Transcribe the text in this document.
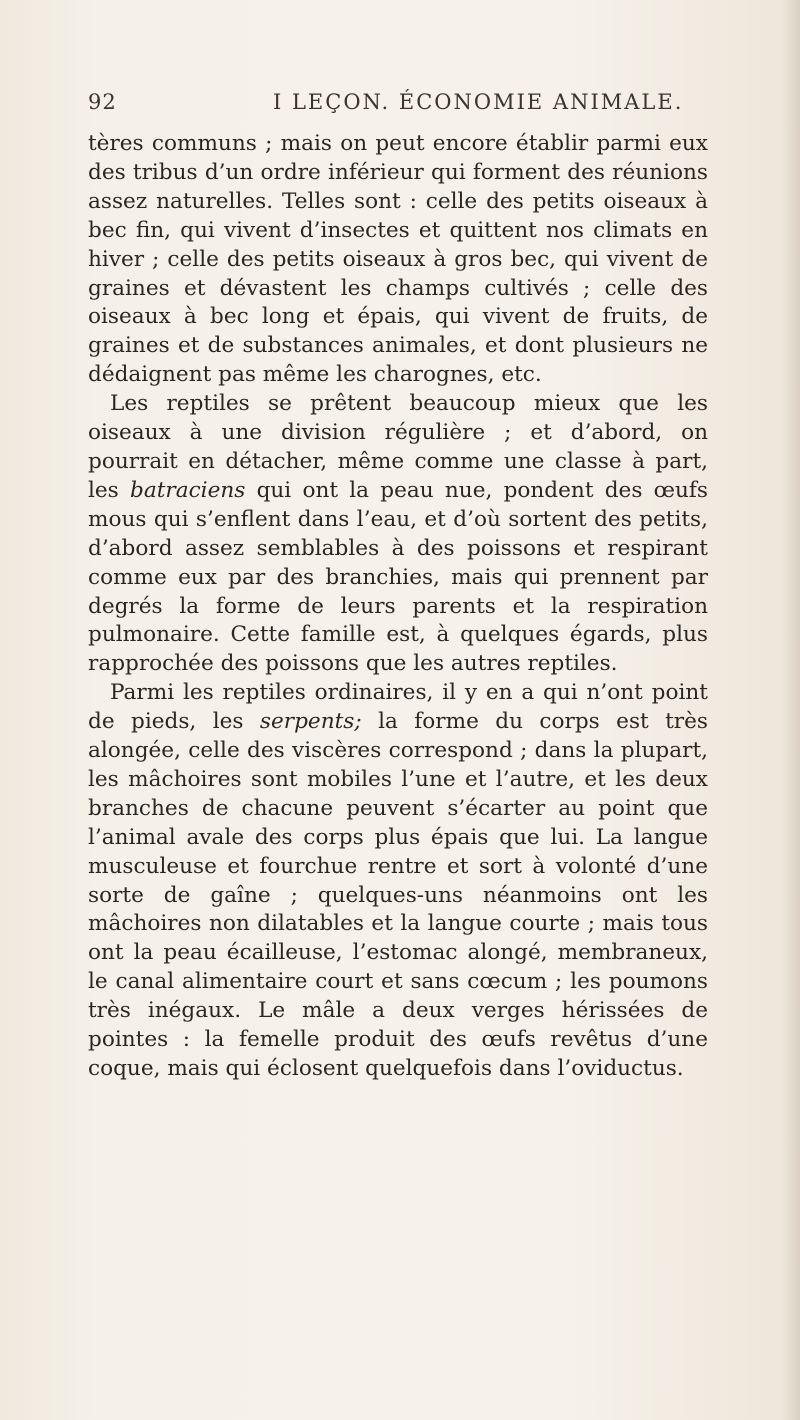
92	I LEÇON. ÉCONOMIE ANIMALE.

tères communs ; mais on peut encore établir parmi eux des tribus d’un ordre inférieur qui forment des réunions assez naturelles. Telles sont : celle des petits oiseaux à bec fin, qui vivent d’insectes et quittent nos climats en hiver ; celle des petits oiseaux à gros bec, qui vivent de graines et dévastent les champs cultivés ; celle des oiseaux à bec long et épais, qui vivent de fruits, de graines et de substances animales, et dont plusieurs ne dédaignent pas même les charognes, etc.

Les reptiles se prêtent beaucoup mieux que les oiseaux à une division régulière ; et d’abord, on pourrait en détacher, même comme une classe à part, les batraciens qui ont la peau nue, pondent des œufs mous qui s’enflent dans l’eau, et d’où sortent des petits, d’abord assez semblables à des poissons et respirant comme eux par des branchies, mais qui prennent par degrés la forme de leurs parents et la respiration pulmonaire. Cette famille est, à quelques égards, plus rapprochée des poissons que les autres reptiles.

Parmi les reptiles ordinaires, il y en a qui n’ont point de pieds, les serpents; la forme du corps est très alongée, celle des viscères correspond ; dans la plupart, les mâchoires sont mobiles l’une et l’autre, et les deux branches de chacune peuvent s’écarter au point que l’animal avale des corps plus épais que lui. La langue musculeuse et fourchue rentre et sort à volonté d’une sorte de gaîne ; quelques-uns néanmoins ont les mâchoires non dilatables et la langue courte ; mais tous ont la peau écailleuse, l’estomac alongé, membraneux, le canal alimentaire court et sans cœcum ; les poumons très inégaux. Le mâle a deux verges hérissées de pointes : la femelle produit des œufs revêtus d’une coque, mais qui éclosent quelquefois dans l’oviductus.
